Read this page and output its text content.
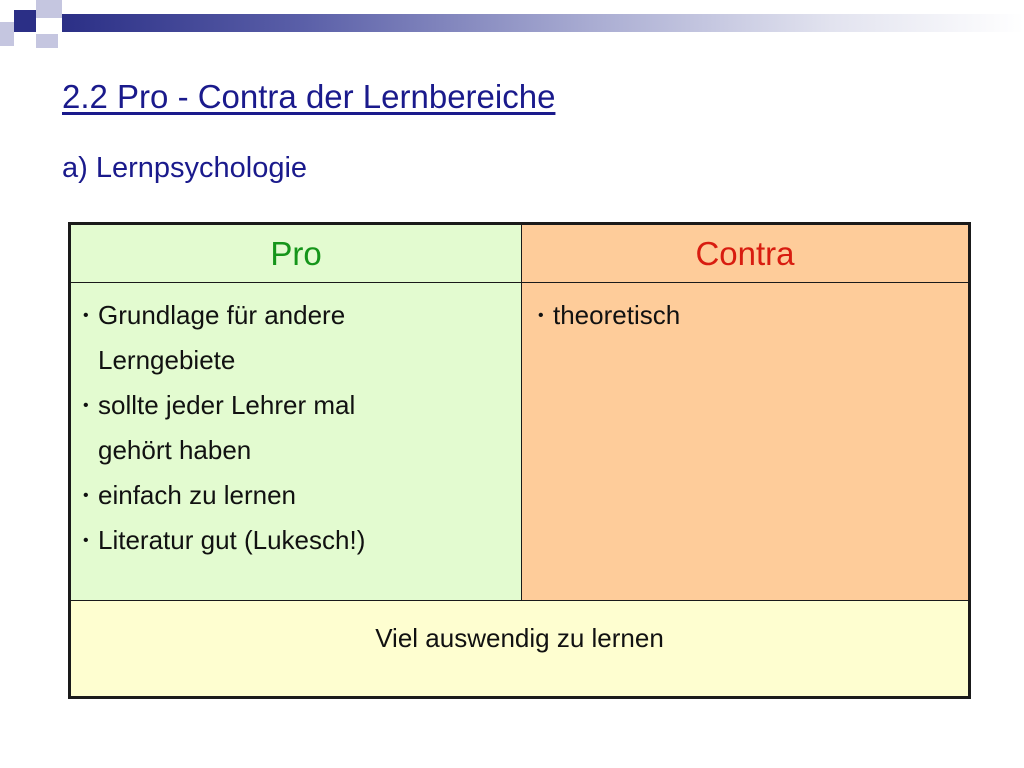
2.2 Pro - Contra der Lernbereiche
a) Lernpsychologie
Pro	Contra
• Grundlage für andere
Lerngebiete
• sollte jeder Lehrer mal
gehört haben
• einfach zu lernen
• Literatur gut (Lukesch!)
• theoretisch
Viel auswendig zu lernen
